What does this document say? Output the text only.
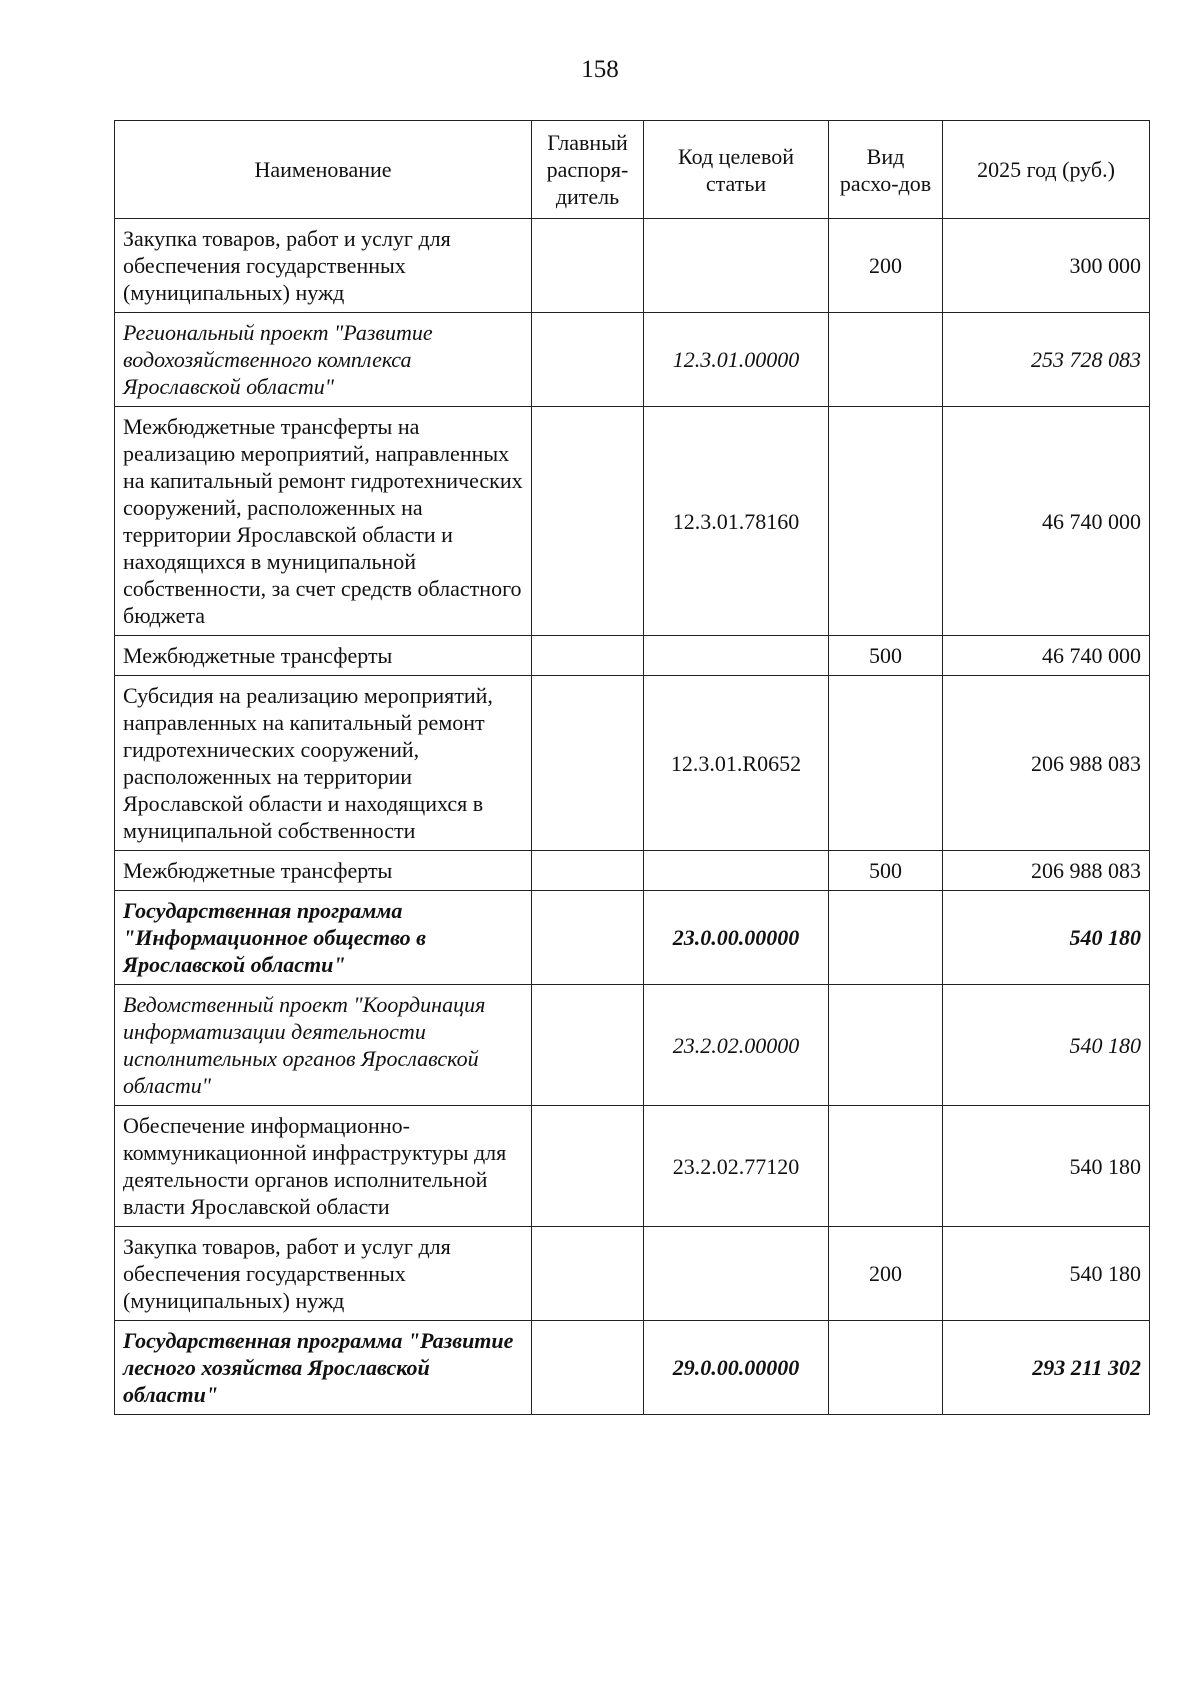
158
Наименование	Главный распоря-дитель	Код целевой статьи	Вид расхо-дов	2025 год (руб.)
Закупка товаров, работ и услуг для обеспечения государственных (муниципальных) нужд			200	300 000
Региональный проект "Развитие водохозяйственного комплекса Ярославской области"		12.3.01.00000		253 728 083
Межбюджетные трансферты на реализацию мероприятий, направленных на капитальный ремонт гидротехнических сооружений, расположенных на территории Ярославской области и находящихся в муниципальной собственности, за счет средств областного бюджета		12.3.01.78160		46 740 000
Межбюджетные трансферты			500	46 740 000
Субсидия на реализацию мероприятий, направленных на капитальный ремонт гидротехнических сооружений, расположенных на территории Ярославской области и находящихся в муниципальной собственности		12.3.01.R0652		206 988 083
Межбюджетные трансферты			500	206 988 083
Государственная программа "Информационное общество в Ярославской области"		23.0.00.00000		540 180
Ведомственный проект "Координация информатизации деятельности исполнительных органов Ярославской области"		23.2.02.00000		540 180
Обеспечение информационно-коммуникационной инфраструктуры для деятельности органов исполнительной власти Ярославской области		23.2.02.77120		540 180
Закупка товаров, работ и услуг для обеспечения государственных (муниципальных) нужд			200	540 180
Государственная программа "Развитие лесного хозяйства Ярославской области"		29.0.00.00000		293 211 302
